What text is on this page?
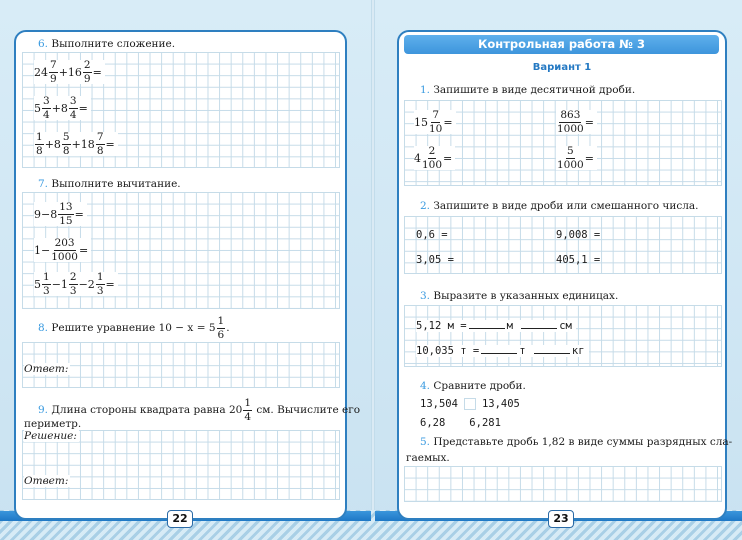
6. Выполните сложение.
$24 \frac{7}{9} +16 \frac{2}{9}$ =
$5 \frac{3}{4} +8 \frac{3}{4}$ =
$\frac{1}{8} +8 \frac{5}{8} +18 \frac{7}{8}$ =
7. Выполните вычитание.
$9-8 \frac{13}{15}$ =
$1- \frac{203}{1000}$ =
$5 \frac{1}{3} -1 \frac{2}{3} -2 \frac{1}{3}$ =
8. Решите уравнение $10 - x = 5 \frac{1}{6}$ .
Ответ:
9. Длина стороны квадрата равна $20 \frac{1}{4}$ см. Вычислите его
периметр.
Решение:
Ответ:
22
Контрольная работа № 3
Вариант 1
1. Запишите в виде десятичной дроби.
$15 \frac{7}{10}$ =	$\frac{863}{1000}$ =
$4 \frac{2}{100}$ =	$\frac{5}{1000}$ =
2. Запишите в виде дроби или смешанного числа.
0,6 =	9,008 =
3,05 =	405,1 =
3. Выразите в указанных единицах.
5,12 м =	м	см
10,035 т =	т	кг
4. Сравните дроби.
13,504 13,405
6,28 6,281
5. Представьте дробь 1,82 в виде суммы разрядных сла-
гаемых.
23
